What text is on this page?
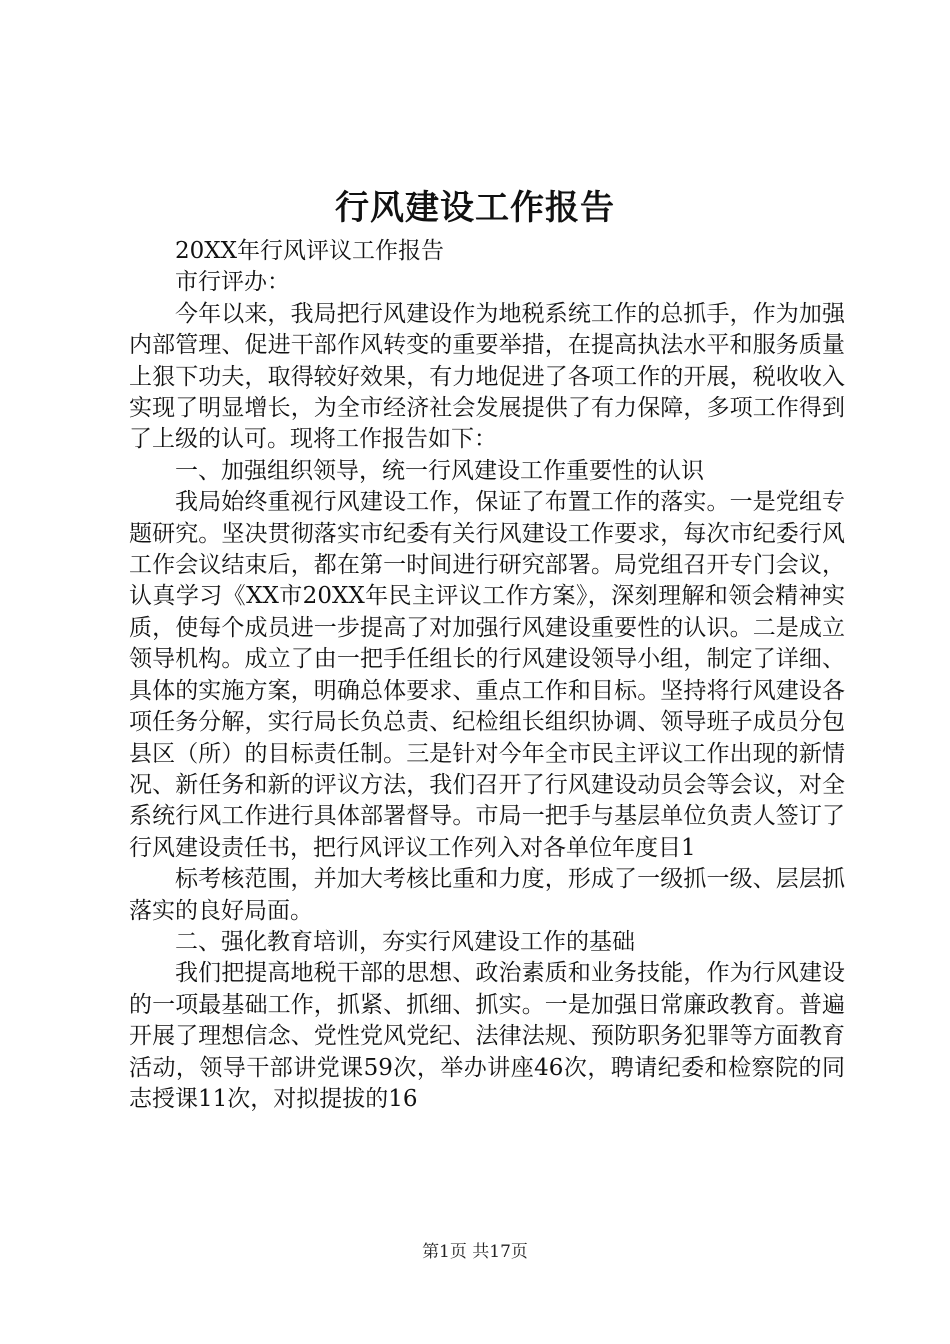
行风建设工作报告

20XX年行风评议工作报告

市行评办：

今年以来，我局把行风建设作为地税系统工作的总抓手，作为加强内部管理、促进干部作风转变的重要举措，在提高执法水平和服务质量上狠下功夫，取得较好效果，有力地促进了各项工作的开展，税收收入实现了明显增长，为全市经济社会发展提供了有力保障，多项工作得到了上级的认可。现将工作报告如下：

一、加强组织领导，统一行风建设工作重要性的认识

我局始终重视行风建设工作，保证了布置工作的落实。一是党组专题研究。坚决贯彻落实市纪委有关行风建设工作要求，每次市纪委行风工作会议结束后，都在第一时间进行研究部署。局党组召开专门会议，认真学习《XX市20XX年民主评议工作方案》，深刻理解和领会精神实质，使每个成员进一步提高了对加强行风建设重要性的认识。二是成立领导机构。成立了由一把手任组长的行风建设领导小组，制定了详细、具体的实施方案，明确总体要求、重点工作和目标。坚持将行风建设各项任务分解，实行局长负总责、纪检组长组织协调、领导班子成员分包县区（所）的目标责任制。三是针对今年全市民主评议工作出现的新情况、新任务和新的评议方法，我们召开了行风建设动员会等会议，对全系统行风工作进行具体部署督导。市局一把手与基层单位负责人签订了行风建设责任书，把行风评议工作列入对各单位年度目1

标考核范围，并加大考核比重和力度，形成了一级抓一级、层层抓落实的良好局面。

二、强化教育培训，夯实行风建设工作的基础

我们把提高地税干部的思想、政治素质和业务技能，作为行风建设的一项最基础工作，抓紧、抓细、抓实。一是加强日常廉政教育。普遍开展了理想信念、党性党风党纪、法律法规、预防职务犯罪等方面教育活动，领导干部讲党课59次，举办讲座46次，聘请纪委和检察院的同志授课11次，对拟提拔的16

第1页 共17页
